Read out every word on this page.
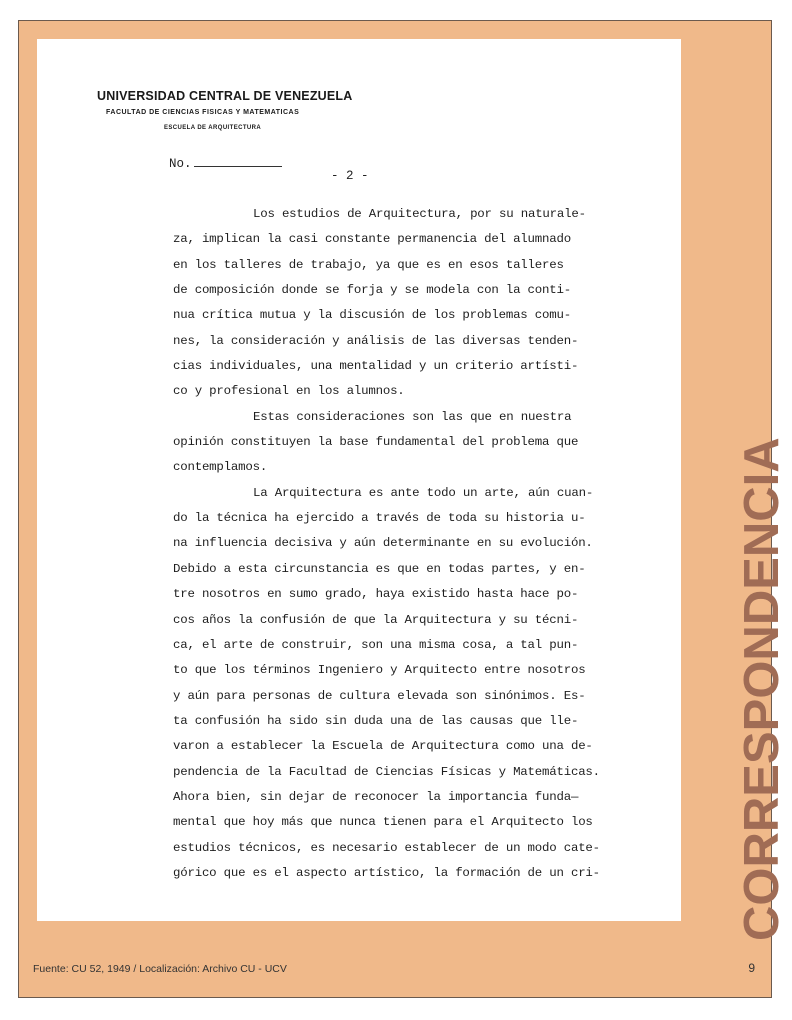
UNIVERSIDAD CENTRAL DE VENEZUELA
FACULTAD DE CIENCIAS FISICAS Y MATEMATICAS
ESCUELA DE ARQUITECTURA
No.
- 2 -
Los estudios de Arquitectura, por su naturale-
za, implican la casi constante permanencia del alumnado
en los talleres de trabajo, ya que es en esos talleres
de composición donde se forja y se modela con la conti-
nua crítica mutua y la discusión de los problemas comu-
nes, la consideración y análisis de las diversas tenden-
cias individuales, una mentalidad y un criterio artísti-
co y profesional en los alumnos.
Estas consideraciones son las que en nuestra
opinión constituyen la base fundamental del problema que
contemplamos.
La Arquitectura es ante todo un arte, aún cuan-
do la técnica ha ejercido a través de toda su historia u-
na influencia decisiva y aún determinante en su evolución.
Debido a esta circunstancia es que en todas partes, y en-
tre nosotros en sumo grado, haya existido hasta hace po-
cos años la confusión de que la Arquitectura y su técni-
ca, el arte de construir, son una misma cosa, a tal pun-
to que los términos Ingeniero y Arquitecto entre nosotros
y aún para personas de cultura elevada son sinónimos. Es-
ta confusión ha sido sin duda una de las causas que lle-
varon a establecer la Escuela de Arquitectura como una de-
pendencia de la Facultad de Ciencias Físicas y Matemáticas.
Ahora bien, sin dejar de reconocer la importancia funda—
mental que hoy más que nunca tienen para el Arquitecto los
estudios técnicos, es necesario establecer de un modo cate-
górico que es el aspecto artístico, la formación de un cri-	CORRESPONDENCIA
Fuente: CU 52, 1949 / Localización: Archivo CU - UCV	9
